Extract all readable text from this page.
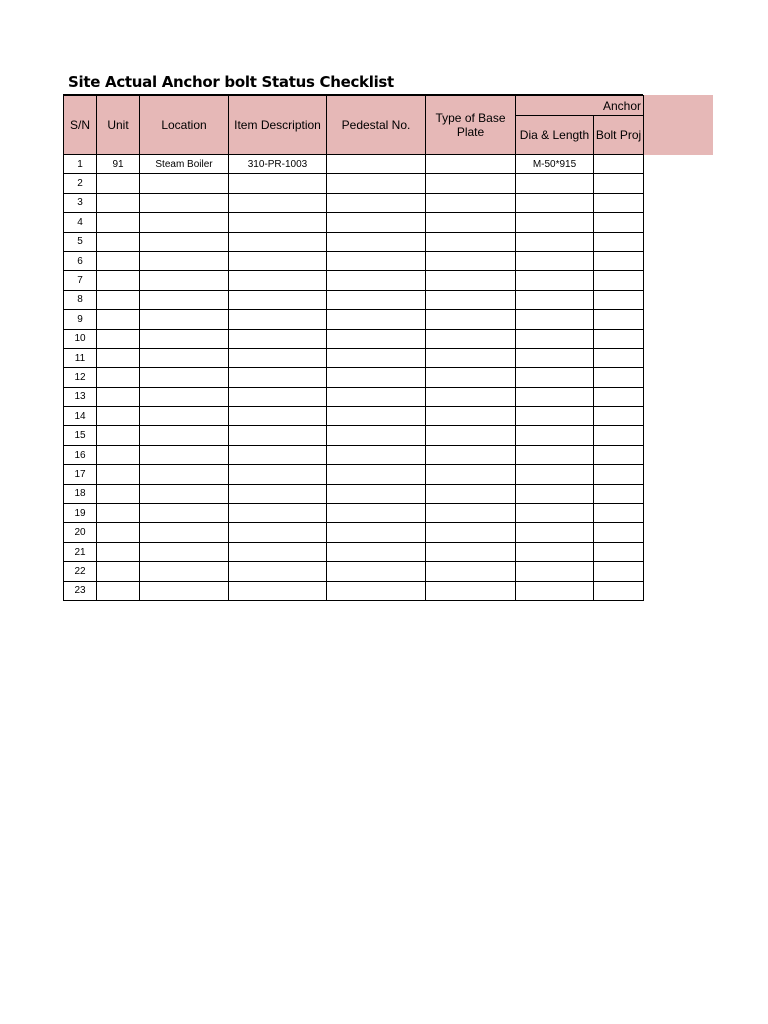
Site Actual Anchor bolt Status Checklist
S/N	Unit	Location	Item Description	Pedestal No.	Type of Base Plate	Anchor	
						Dia & Length	Bolt Proj
1	91	Steam Boiler	310-PR-1003			M-50*915	
2							
3							
4							
5							
6							
7							
8							
9							
10							
11							
12							
13							
14							
15							
16							
17							
18							
19							
20							
21							
22							
23							
